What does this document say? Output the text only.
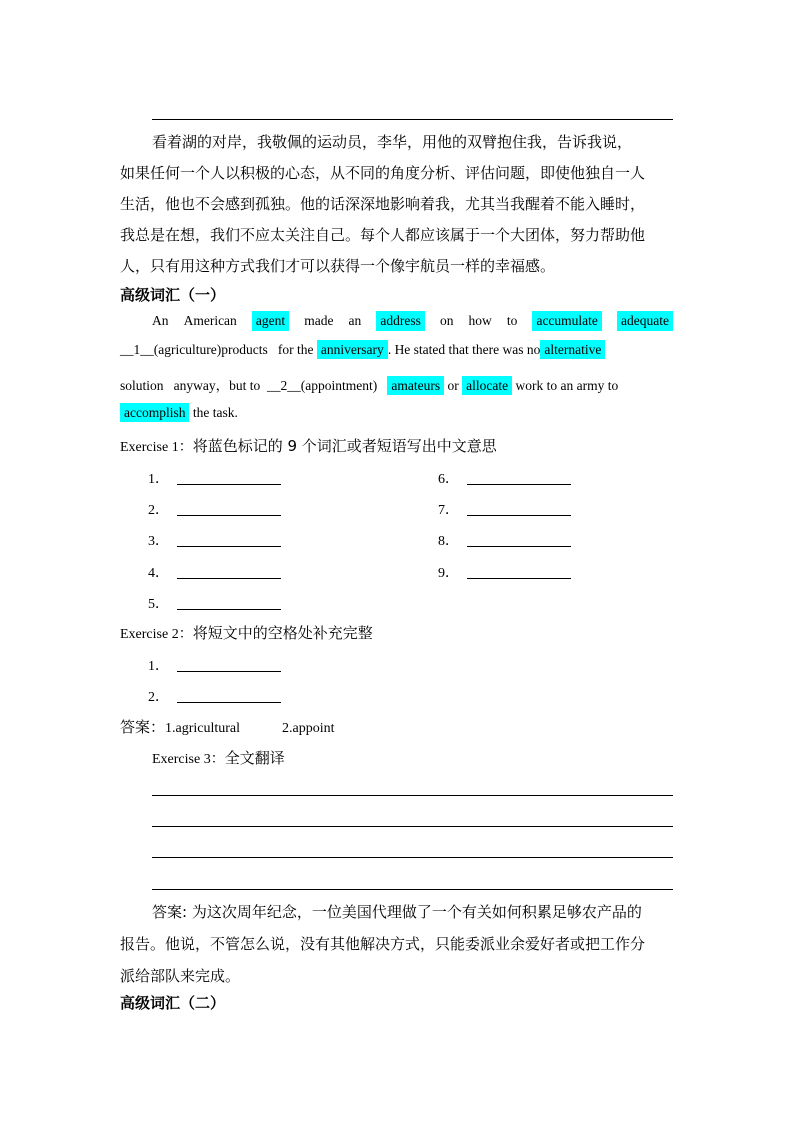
看着湖的对岸，我敬佩的运动员，李华，用他的双臂抱住我，告诉我说，
如果任何一个人以积极的心态，从不同的角度分析、评估问题，即使他独自一人
生活，他也不会感到孤独。他的话深深地影响着我，尤其当我醒着不能入睡时，
我总是在想，我们不应太关注自己。每个人都应该属于一个大团体，努力帮助他
人，只有用这种方式我们才可以获得一个像宇航员一样的幸福感。
高级词汇（一）
An American agent made an address on how to accumulate adequate
__1__(agriculture)products for the anniversary . He stated that there was no alternative
solution anyway，but to __2__(appointment) amateurs or allocate work to an army to
accomplish the task.
Exercise 1：将蓝色标记的 9 个词汇或者短语写出中文意思
1．
2．
3．
4．
5．
6．
7．
8．
9．
Exercise 2：将短文中的空格处补充完整
1．
2．
答案：1.agricultural	2.appoint
Exercise 3：全文翻译
答案: 为这次周年纪念，一位美国代理做了一个有关如何积累足够农产品的
报告。他说，不管怎么说，没有其他解决方式，只能委派业余爱好者或把工作分
派给部队来完成。
高级词汇（二）
